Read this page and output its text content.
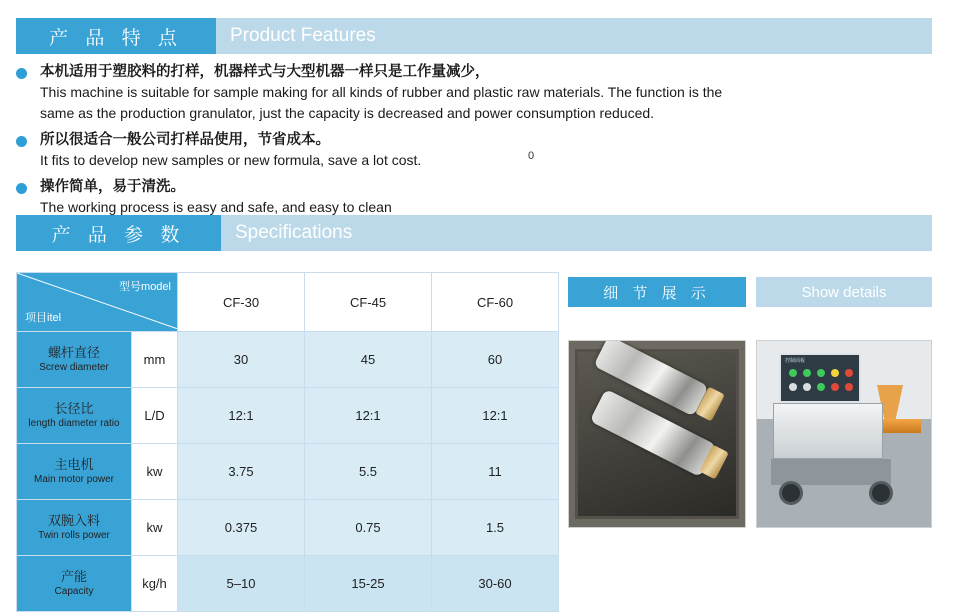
产 品 特 点	Product Features
本机适用于塑胶料的打样，机器样式与大型机器一样只是工作量减少，
This machine is suitable for sample making for all kinds of rubber and plastic raw materials. The function is the
same as the production granulator, just the capacity is decreased and power consumption reduced.
所以很适合一般公司打样品使用，节省成本。
It fits to develop new samples or new formula, save a lot cost.
操作简单，易于清洗。
The working process is easy and safe, and easy to clean
0
产 品 参 数	Specifications
型号model
项目itel		CF-30	CF-45	CF-60

螺杆直径
Screw diameter	mm	30	45	60

长径比
length diameter ratio	L/D	12:1	12:1	12:1

主电机
Main motor power	kw	3.75	5.5	11

双腕入料
Twin rolls power	kw	0.375	0.75	1.5

产能
Capacity	kg/h	5–10	15-25	30-60
细 节 展 示	Show details
控制面板
